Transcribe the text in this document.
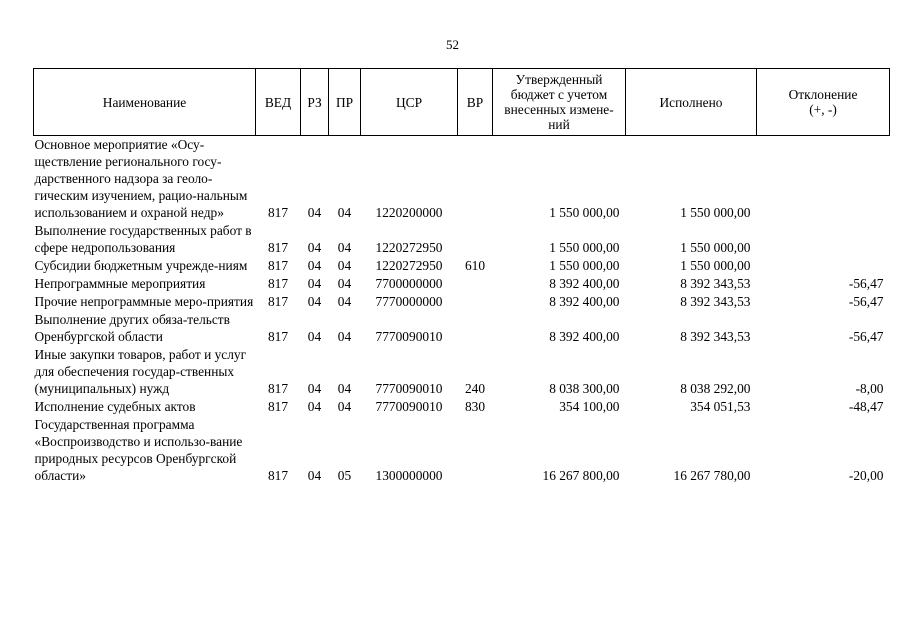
52
Наименование	ВЕД	РЗ	ПР	ЦСР	ВР	Утвержденный бюджет с учетом внесенных измене-ний	Исполнено	Отклонение (+, -)
Основное мероприятие «Осу-ществление регионального госу-дарственного надзора за геоло-гическим изучением, рацио-нальным использованием и охраной недр»	817	04	04	1220200000		1 550 000,00	1 550 000,00	
Выполнение государственных работ в сфере недропользования	817	04	04	1220272950		1 550 000,00	1 550 000,00	
Субсидии бюджетным учрежде-ниям	817	04	04	1220272950	610	1 550 000,00	1 550 000,00	
Непрограммные мероприятия	817	04	04	7700000000		8 392 400,00	8 392 343,53	-56,47
Прочие непрограммные меро-приятия	817	04	04	7770000000		8 392 400,00	8 392 343,53	-56,47
Выполнение других обяза-тельств Оренбургской области	817	04	04	7770090010		8 392 400,00	8 392 343,53	-56,47
Иные закупки товаров, работ и услуг для обеспечения государ-ственных (муниципальных) нужд	817	04	04	7770090010	240	8 038 300,00	8 038 292,00	-8,00
Исполнение судебных актов	817	04	04	7770090010	830	354 100,00	354 051,53	-48,47
Государственная программа «Воспроизводство и использо-вание природных ресурсов Оренбургской области»	817	04	05	1300000000		16 267 800,00	16 267 780,00	-20,00
